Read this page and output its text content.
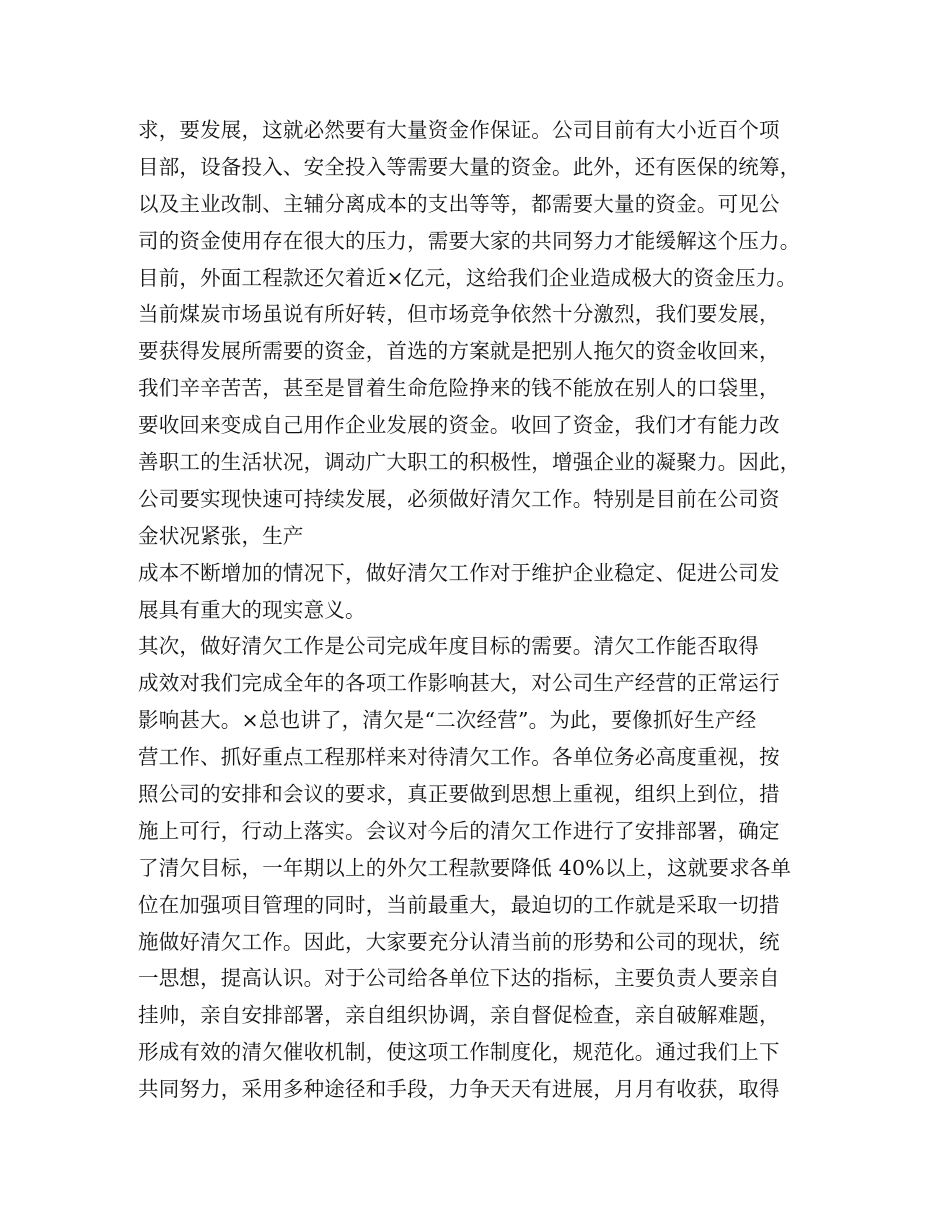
求，要发展，这就必然要有大量资金作保证。公司目前有大小近百个项
目部，设备投入、安全投入等需要大量的资金。此外，还有医保的统筹，
以及主业改制、主辅分离成本的支出等等，都需要大量的资金。可见公
司的资金使用存在很大的压力，需要大家的共同努力才能缓解这个压力。
目前，外面工程款还欠着近×亿元，这给我们企业造成极大的资金压力。
当前煤炭市场虽说有所好转，但市场竞争依然十分激烈，我们要发展，
要获得发展所需要的资金，首选的方案就是把别人拖欠的资金收回来，
我们辛辛苦苦，甚至是冒着生命危险挣来的钱不能放在别人的口袋里，
要收回来变成自己用作企业发展的资金。收回了资金，我们才有能力改
善职工的生活状况，调动广大职工的积极性，增强企业的凝聚力。因此，
公司要实现快速可持续发展，必须做好清欠工作。特别是目前在公司资
金状况紧张，生产
成本不断增加的情况下，做好清欠工作对于维护企业稳定、促进公司发
展具有重大的现实意义。
其次，做好清欠工作是公司完成年度目标的需要。清欠工作能否取得
成效对我们完成全年的各项工作影响甚大，对公司生产经营的正常运行
影响甚大。×总也讲了，清欠是“二次经营”。为此，要像抓好生产经
营工作、抓好重点工程那样来对待清欠工作。各单位务必高度重视，按
照公司的安排和会议的要求，真正要做到思想上重视，组织上到位，措
施上可行，行动上落实。会议对今后的清欠工作进行了安排部署，确定
了清欠目标，一年期以上的外欠工程款要降低 40%以上，这就要求各单
位在加强项目管理的同时，当前最重大，最迫切的工作就是采取一切措
施做好清欠工作。因此，大家要充分认清当前的形势和公司的现状，统
一思想，提高认识。对于公司给各单位下达的指标，主要负责人要亲自
挂帅，亲自安排部署，亲自组织协调，亲自督促检查，亲自破解难题，
形成有效的清欠催收机制，使这项工作制度化，规范化。通过我们上下
共同努力，采用多种途径和手段，力争天天有进展，月月有收获，取得
